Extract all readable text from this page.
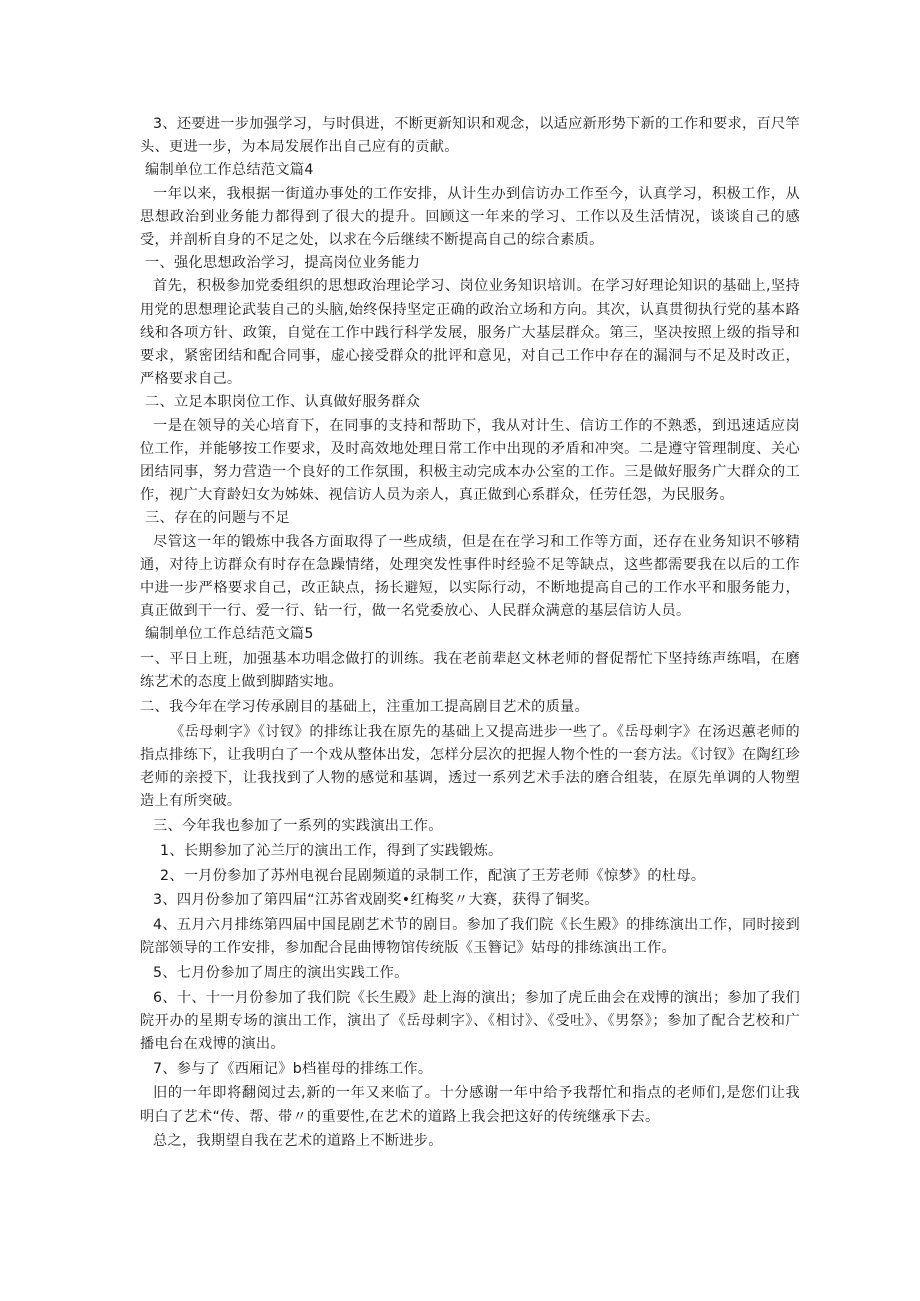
3、还要进一步加强学习，与时俱进，不断更新知识和观念，以适应新形势下新的工作和要求，百尺竿头、更进一步，为本局发展作出自己应有的贡献。

编制单位工作总结范文篇4

一年以来，我根据一街道办事处的工作安排，从计生办到信访办工作至今，认真学习，积极工作，从思想政治到业务能力都得到了很大的提升。回顾这一年来的学习、工作以及生活情况，谈谈自己的感受，并剖析自身的不足之处，以求在今后继续不断提高自己的综合素质。

一、强化思想政治学习，提高岗位业务能力

首先，积极参加党委组织的思想政治理论学习、岗位业务知识培训。在学习好理论知识的基础上,坚持用党的思想理论武装自己的头脑,始终保持坚定正确的政治立场和方向。其次，认真贯彻执行党的基本路线和各项方针、政策，自觉在工作中践行科学发展，服务广大基层群众。第三，坚决按照上级的指导和要求，紧密团结和配合同事，虚心接受群众的批评和意见，对自己工作中存在的漏洞与不足及时改正，严格要求自己。

二、立足本职岗位工作、认真做好服务群众

一是在领导的关心培育下，在同事的支持和帮助下，我从对计生、信访工作的不熟悉，到迅速适应岗位工作，并能够按工作要求，及时高效地处理日常工作中出现的矛盾和冲突。二是遵守管理制度、关心团结同事，努力营造一个良好的工作氛围，积极主动完成本办公室的工作。三是做好服务广大群众的工作，视广大育龄妇女为姊妹、视信访人员为亲人，真正做到心系群众，任劳任怨，为民服务。

三、存在的问题与不足

尽管这一年的锻炼中我各方面取得了一些成绩，但是在在学习和工作等方面，还存在业务知识不够精通，对待上访群众有时存在急躁情绪，处理突发性事件时经验不足等缺点，这些都需要我在以后的工作中进一步严格要求自己，改正缺点，扬长避短，以实际行动，不断地提高自己的工作水平和服务能力，真正做到干一行、爱一行、钻一行，做一名党委放心、人民群众满意的基层信访人员。

编制单位工作总结范文篇5

一、平日上班，加强基本功唱念做打的训练。我在老前辈赵文林老师的督促帮忙下坚持练声练唱，在磨练艺术的态度上做到脚踏实地。

二、我今年在学习传承剧目的基础上，注重加工提高剧目艺术的质量。

《岳母刺字》《讨钗》的排练让我在原先的基础上又提高进步一些了。《岳母刺字》在汤迟蕙老师的指点排练下，让我明白了一个戏从整体出发，怎样分层次的把握人物个性的一套方法。《讨钗》在陶红珍老师的亲授下，让我找到了人物的感觉和基调，透过一系列艺术手法的磨合组装，在原先单调的人物塑造上有所突破。

三、今年我也参加了一系列的实践演出工作。

1、长期参加了沁兰厅的演出工作，得到了实践锻炼。

2、一月份参加了苏州电视台昆剧频道的录制工作，配演了王芳老师《惊梦》的杜母。

3、四月份参加了第四届“江苏省戏剧奖•红梅奖〃大赛，获得了铜奖。

4、五月六月排练第四届中国昆剧艺术节的剧目。参加了我们院《长生殿》的排练演出工作，同时接到院部领导的工作安排，参加配合昆曲博物馆传统版《玉簪记》姑母的排练演出工作。

5、七月份参加了周庄的演出实践工作。

6、十、十一月份参加了我们院《长生殿》赴上海的演出；参加了虎丘曲会在戏博的演出；参加了我们院开办的星期专场的演出工作，演出了《岳母刺字》、《相讨》、《受吐》、《男祭》；参加了配合艺校和广播电台在戏博的演出。

7、参与了《西厢记》b档崔母的排练工作。

旧的一年即将翻阅过去,新的一年又来临了。十分感谢一年中给予我帮忙和指点的老师们,是您们让我明白了艺术“传、帮、带〃的重要性,在艺术的道路上我会把这好的传统继承下去。

总之，我期望自我在艺术的道路上不断进步。
